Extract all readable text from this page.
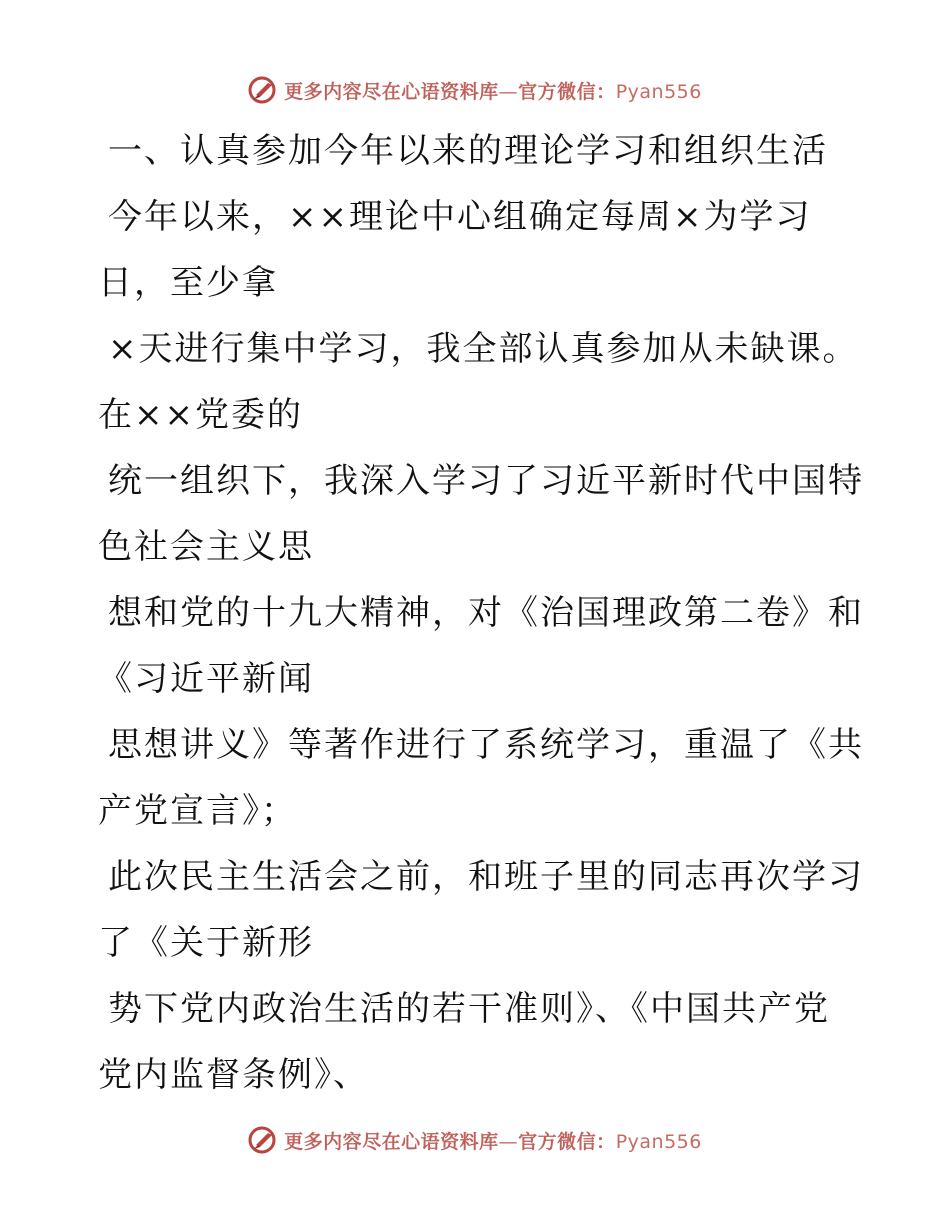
更多内容尽在心语资料库—官方微信：Pyan556
一、认真参加今年以来的理论学习和组织生活
今年以来，××理论中心组确定每周×为学习
日，至少拿
×天进行集中学习，我全部认真参加从未缺课。
在××党委的
统一组织下，我深入学习了习近平新时代中国特
色社会主义思
想和党的十九大精神，对《治国理政第二卷》和
《习近平新闻
思想讲义》等著作进行了系统学习，重温了《共
产党宣言》；
此次民主生活会之前，和班子里的同志再次学习
了《关于新形
势下党内政治生活的若干准则》、《中国共产党
党内监督条例》、
更多内容尽在心语资料库—官方微信：Pyan556
